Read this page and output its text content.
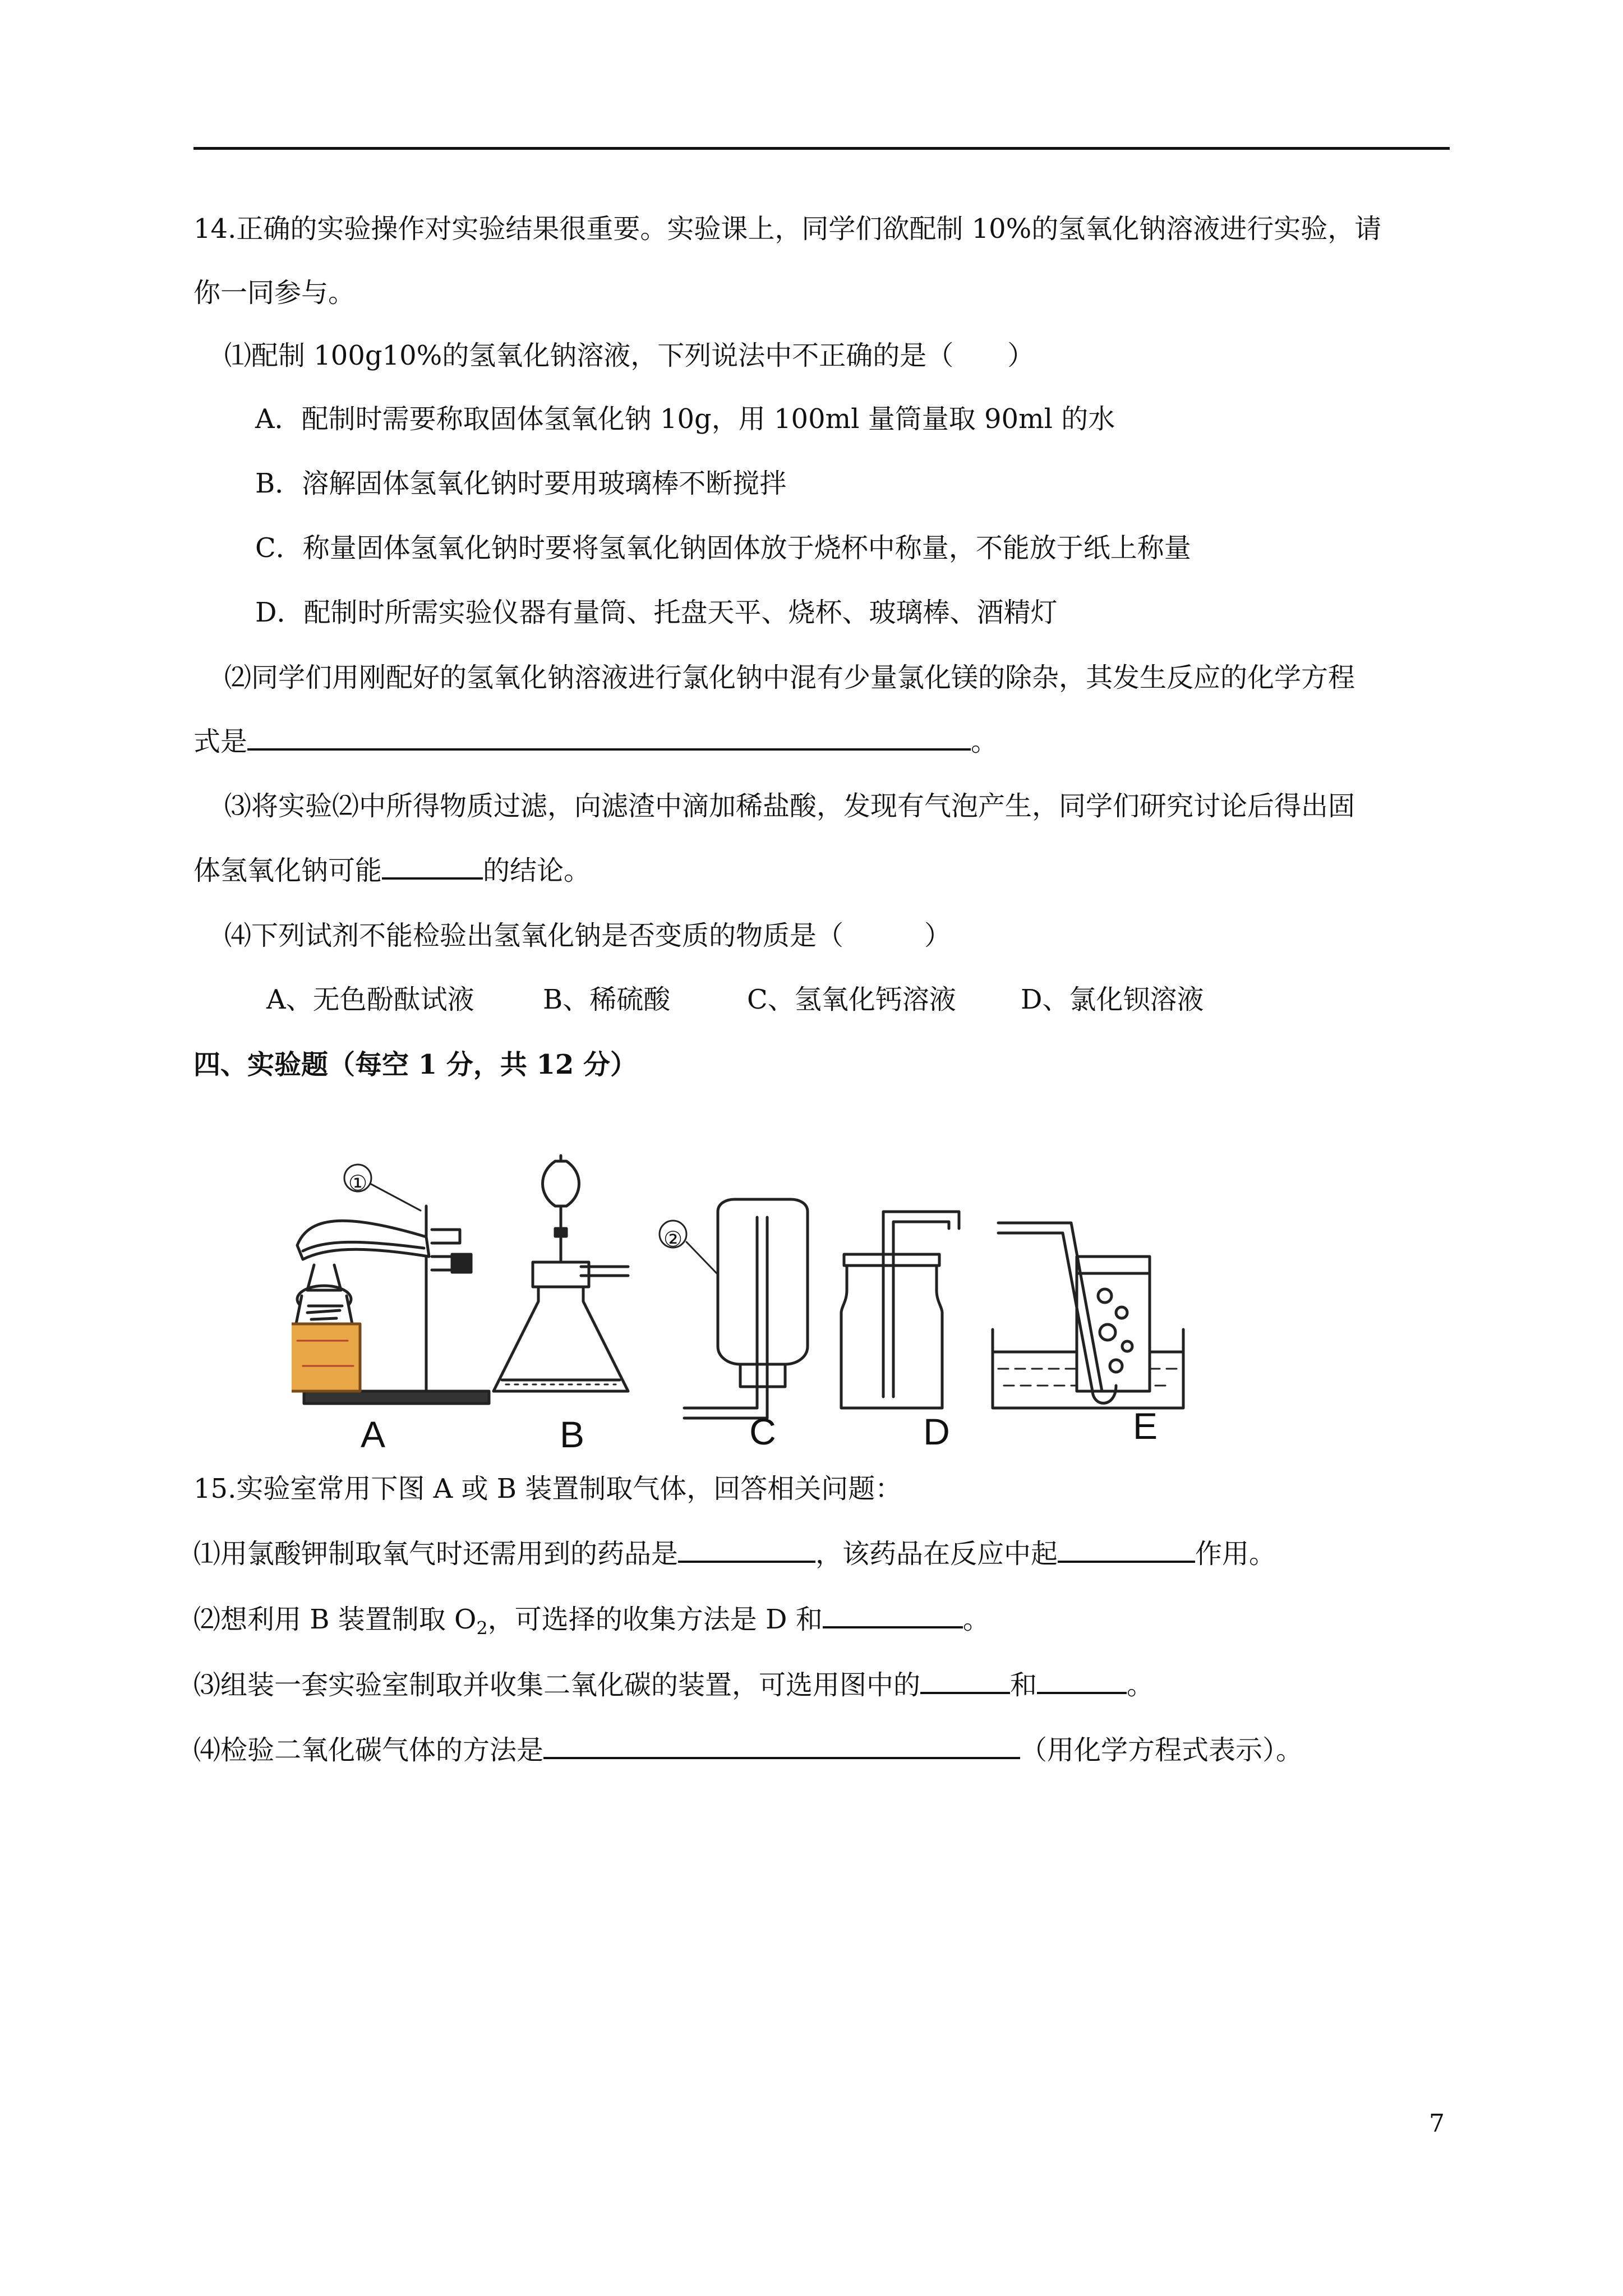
14.正确的实验操作对实验结果很重要。实验课上，同学们欲配制 10%的氢氧化钠溶液进行实验，请
你一同参与。
⑴配制 100g10%的氢氧化钠溶液，下列说法中不正确的是（　　）
A．配制时需要称取固体氢氧化钠 10g，用 100ml 量筒量取 90ml 的水
B．溶解固体氢氧化钠时要用玻璃棒不断搅拌
C．称量固体氢氧化钠时要将氢氧化钠固体放于烧杯中称量，不能放于纸上称量
D．配制时所需实验仪器有量筒、托盘天平、烧杯、玻璃棒、酒精灯
⑵同学们用刚配好的氢氧化钠溶液进行氯化钠中混有少量氯化镁的除杂，其发生反应的化学方程
式是	。
⑶将实验⑵中所得物质过滤，向滤渣中滴加稀盐酸，发现有气泡产生，同学们研究讨论后得出固
体氢氧化钠可能	的结论。
⑷下列试剂不能检验出氢氧化钠是否变质的物质是（　　　）
A、无色酚酞试液	B、稀硫酸	C、氢氧化钙溶液 D、氯化钡溶液
四、实验题（每空 1 分，共 12 分）
①
②
A	B	C	D	E
15.实验室常用下图 A 或 B 装置制取气体，回答相关问题：
⑴用氯酸钾制取氧气时还需用到的药品是	，该药品在反应中起	作用。
⑵想利用 B 装置制取 $O_2$，可选择的收集方法是 D 和	。
⑶组装一套实验室制取并收集二氧化碳的装置，可选用图中的	和	。
⑷检验二氧化碳气体的方法是	（用化学方程式表示）。
7
